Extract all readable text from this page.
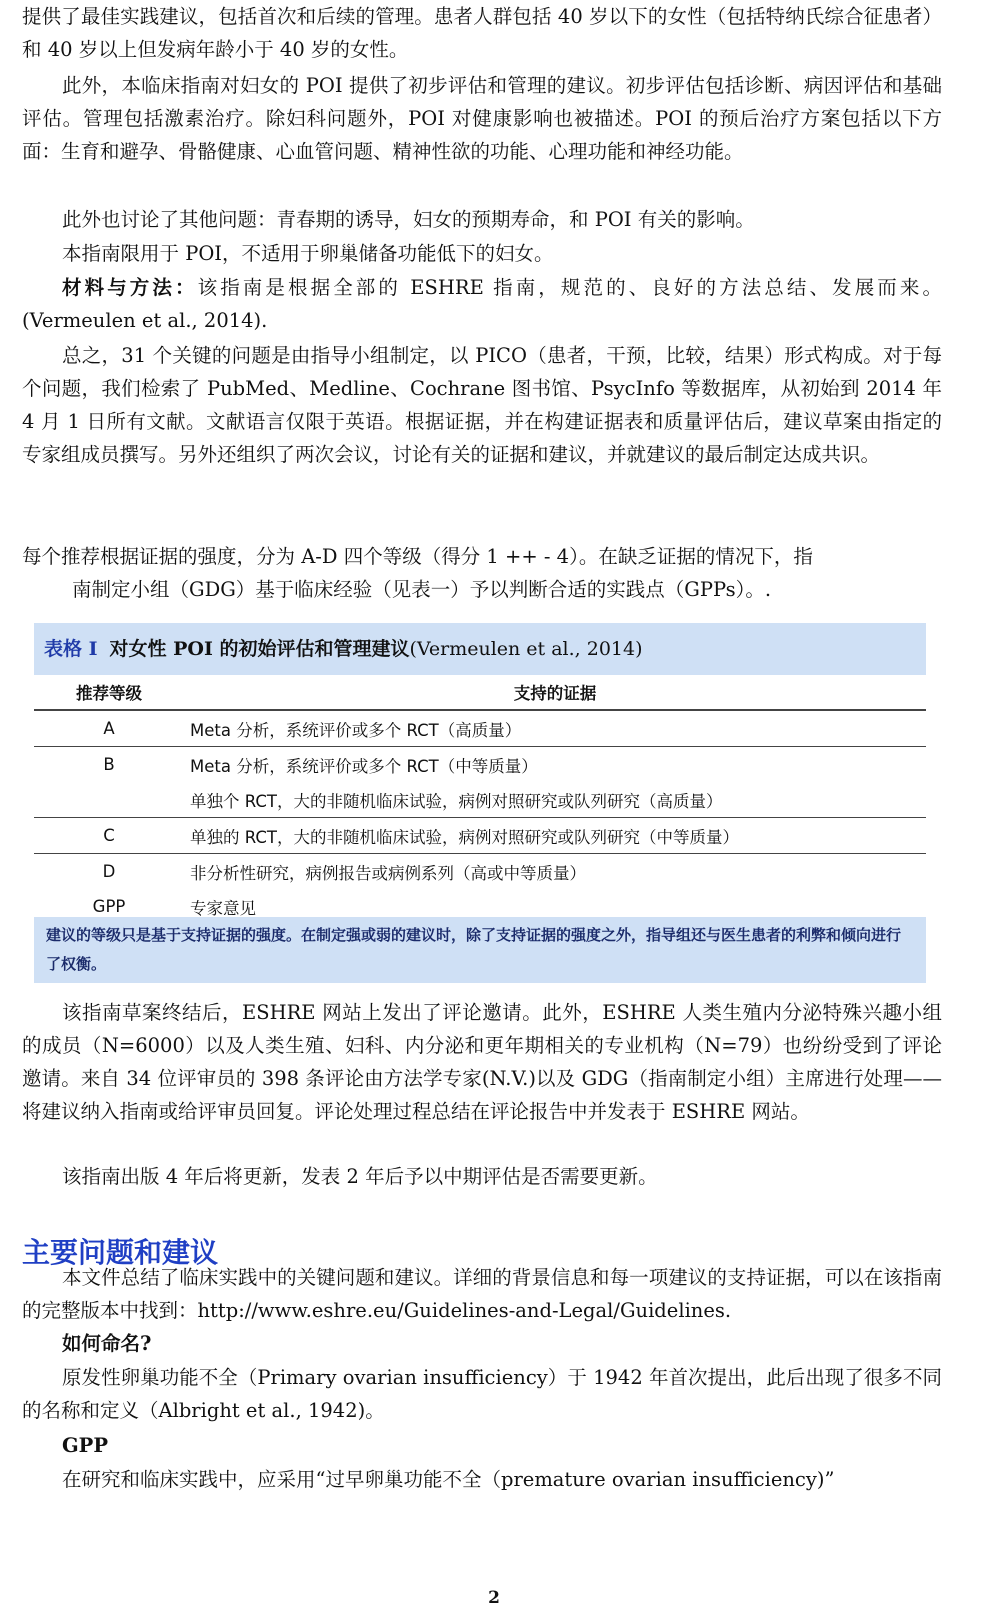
提供了最佳实践建议，包括首次和后续的管理。患者人群包括 40 岁以下的女性（包括特纳氏综合征患者）和 40 岁以上但发病年龄小于 40 岁的女性。

此外，本临床指南对妇女的 POI 提供了初步评估和管理的建议。初步评估包括诊断、病因评估和基础评估。管理包括激素治疗。除妇科问题外，POI 对健康影响也被描述。POI 的预后治疗方案包括以下方面：生育和避孕、骨骼健康、心血管问题、精神性欲的功能、心理功能和神经功能。

此外也讨论了其他问题：青春期的诱导，妇女的预期寿命，和 POI 有关的影响。

本指南限用于 POI，不适用于卵巢储备功能低下的妇女。

材料与方法：该指南是根据全部的 ESHRE 指南，规范的、良好的方法总结、发展而来。(Vermeulen et al., 2014).

总之，31 个关键的问题是由指导小组制定，以 PICO（患者，干预，比较，结果）形式构成。对于每个问题，我们检索了 PubMed、Medline、Cochrane 图书馆、PsycInfo 等数据库，从初始到 2014 年 4 月 1 日所有文献。文献语言仅限于英语。根据证据，并在构建证据表和质量评估后，建议草案由指定的专家组成员撰写。另外还组织了两次会议，讨论有关的证据和建议，并就建议的最后制定达成共识。

每个推荐根据证据的强度，分为 A-D 四个等级（得分 1 ++ - 4）。在缺乏证据的情况下，指
南制定小组（GDG）基于临床经验（见表一）予以判断合适的实践点（GPPs）。.
表格 I 对女性 POI 的初始评估和管理建议(Vermeulen et al., 2014)
推荐等级	支持的证据
A	Meta 分析，系统评价或多个 RCT（高质量）
B	Meta 分析，系统评价或多个 RCT（中等质量）
	单独个 RCT，大的非随机临床试验，病例对照研究或队列研究（高质量）
C	单独的 RCT，大的非随机临床试验，病例对照研究或队列研究（中等质量）
D	非分析性研究，病例报告或病例系列（高或中等质量）
GPP	专家意见
建议的等级只是基于支持证据的强度。在制定强或弱的建议时，除了支持证据的强度之外，指导组还与医生患者的利弊和倾向进行了权衡。

该指南草案终结后，ESHRE 网站上发出了评论邀请。此外，ESHRE 人类生殖内分泌特殊兴趣小组的成员（N=6000）以及人类生殖、妇科、内分泌和更年期相关的专业机构（N=79）也纷纷受到了评论邀请。来自 34 位评审员的 398 条评论由方法学专家(N.V.)以及 GDG（指南制定小组）主席进行处理——将建议纳入指南或给评审员回复。评论处理过程总结在评论报告中并发表于 ESHRE 网站。

该指南出版 4 年后将更新，发表 2 年后予以中期评估是否需要更新。

主要问题和建议

本文件总结了临床实践中的关键问题和建议。详细的背景信息和每一项建议的支持证据，可以在该指南的完整版本中找到：http://www.eshre.eu/Guidelines-and-Legal/Guidelines.

如何命名?

原发性卵巢功能不全（Primary ovarian insufficiency）于 1942 年首次提出，此后出现了很多不同的名称和定义（Albright et al., 1942)。

GPP

在研究和临床实践中，应采用“过早卵巢功能不全（premature ovarian insufficiency)”

2
